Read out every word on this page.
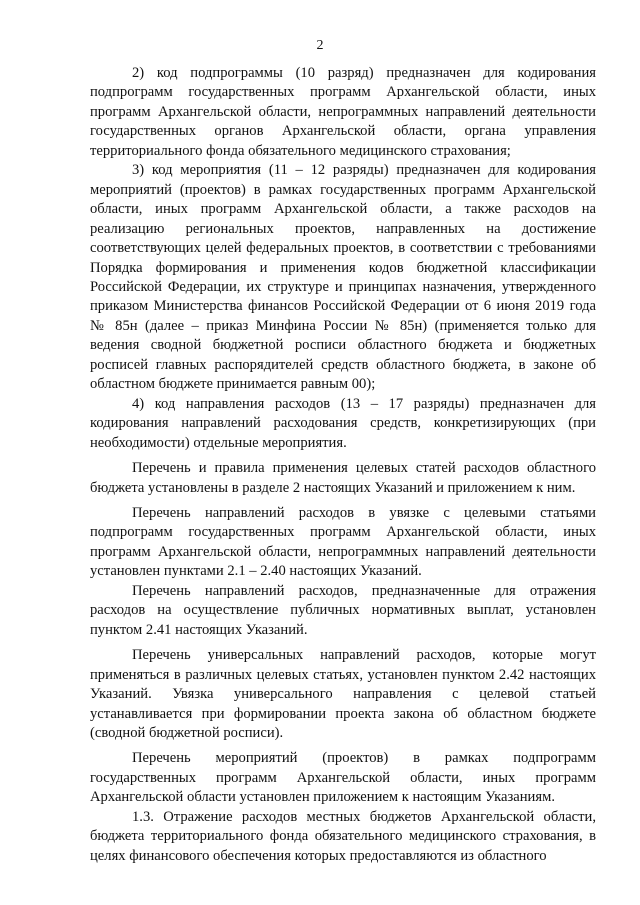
2

2) код подпрограммы (10 разряд) предназначен для кодирования подпрограмм государственных программ Архангельской области, иных программ Архангельской области, непрограммных направлений деятельности государственных органов Архангельской области, органа управления территориального фонда обязательного медицинского страхования;

3) код мероприятия (11 – 12 разряды) предназначен для кодирования мероприятий (проектов) в рамках государственных программ Архангельской области, иных программ Архангельской области, а также расходов на реализацию региональных проектов, направленных на достижение соответствующих целей федеральных проектов, в соответствии с требованиями Порядка формирования и применения кодов бюджетной классификации Российской Федерации, их структуре и принципах назначения, утвержденного приказом Министерства финансов Российской Федерации от 6 июня 2019 года № 85н (далее – приказ Минфина России № 85н) (применяется только для ведения сводной бюджетной росписи областного бюджета и бюджетных росписей главных распорядителей средств областного бюджета, в законе об областном бюджете принимается равным 00);

4) код направления расходов (13 – 17 разряды) предназначен для кодирования направлений расходования средств, конкретизирующих (при необходимости) отдельные мероприятия.

Перечень и правила применения целевых статей расходов областного бюджета установлены в разделе 2 настоящих Указаний и приложением к ним.

Перечень направлений расходов в увязке с целевыми статьями подпрограмм государственных программ Архангельской области, иных программ Архангельской области, непрограммных направлений деятельности установлен пунктами 2.1 – 2.40 настоящих Указаний.

Перечень направлений расходов, предназначенные для отражения расходов на осуществление публичных нормативных выплат, установлен пунктом 2.41 настоящих Указаний.

Перечень универсальных направлений расходов, которые могут применяться в различных целевых статьях, установлен пунктом 2.42 настоящих Указаний. Увязка универсального направления с целевой статьей устанавливается при формировании проекта закона об областном бюджете (сводной бюджетной росписи).

Перечень мероприятий (проектов) в рамках подпрограмм государственных программ Архангельской области, иных программ Архангельской области установлен приложением к настоящим Указаниям.

1.3. Отражение расходов местных бюджетов Архангельской области, бюджета территориального фонда обязательного медицинского страхования, в целях финансового обеспечения которых предоставляются из областного
